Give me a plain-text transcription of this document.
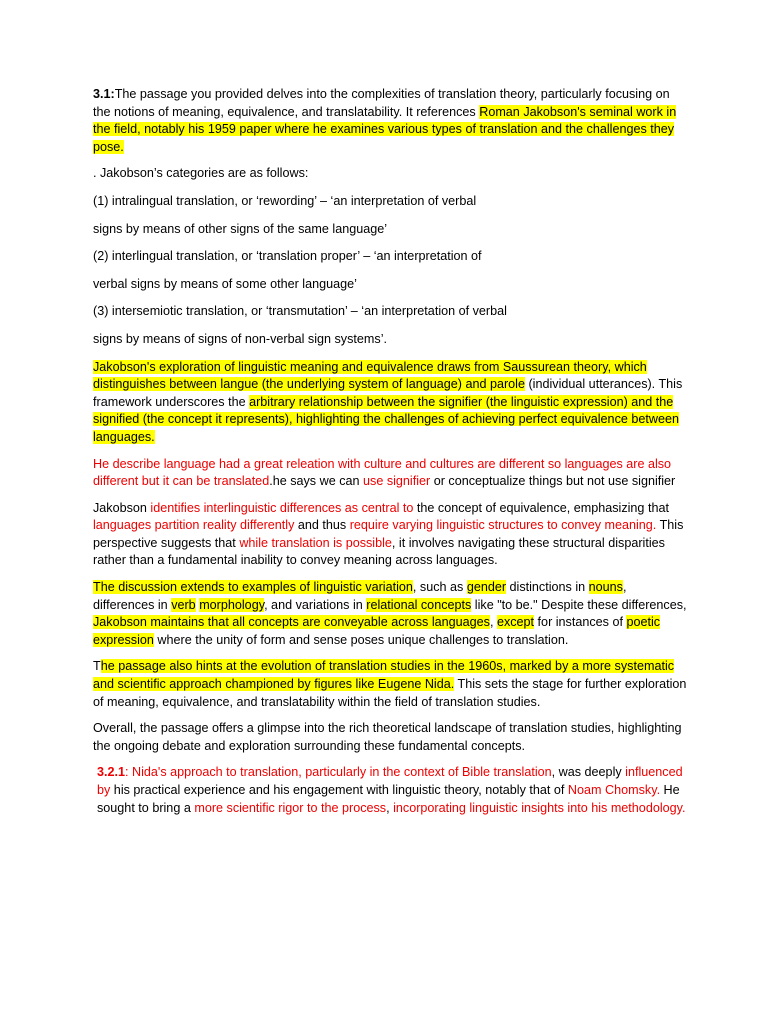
3.1:The passage you provided delves into the complexities of translation theory, particularly focusing on the notions of meaning, equivalence, and translatability. It references Roman Jakobson's seminal work in the field, notably his 1959 paper where he examines various types of translation and the challenges they pose.

. Jakobson’s categories are as follows:

(1) intralingual translation, or ‘rewording’ – ‘an interpretation of verbal

signs by means of other signs of the same language’

(2) interlingual translation, or ‘translation proper’ – ‘an interpretation of

verbal signs by means of some other language’

(3) intersemiotic translation, or ‘transmutation’ – ‘an interpretation of verbal

signs by means of signs of non-verbal sign systems’.

Jakobson's exploration of linguistic meaning and equivalence draws from Saussurean theory, which distinguishes between langue (the underlying system of language) and parole (individual utterances). This framework underscores the arbitrary relationship between the signifier (the linguistic expression) and the signified (the concept it represents), highlighting the challenges of achieving perfect equivalence between languages.

He describe language had a great releation with culture and cultures are different so languages are also different but it can be translated.he says we can use signifier or conceptualize things but not use signifier

Jakobson identifies interlinguistic differences as central to the concept of equivalence, emphasizing that languages partition reality differently and thus require varying linguistic structures to convey meaning. This perspective suggests that while translation is possible, it involves navigating these structural disparities rather than a fundamental inability to convey meaning across languages.

The discussion extends to examples of linguistic variation, such as gender distinctions in nouns, differences in verb morphology, and variations in relational concepts like "to be." Despite these differences, Jakobson maintains that all concepts are conveyable across languages, except for instances of poetic expression where the unity of form and sense poses unique challenges to translation.

The passage also hints at the evolution of translation studies in the 1960s, marked by a more systematic and scientific approach championed by figures like Eugene Nida. This sets the stage for further exploration of meaning, equivalence, and translatability within the field of translation studies.

Overall, the passage offers a glimpse into the rich theoretical landscape of translation studies, highlighting the ongoing debate and exploration surrounding these fundamental concepts.

3.2.1: Nida's approach to translation, particularly in the context of Bible translation, was deeply influenced by his practical experience and his engagement with linguistic theory, notably that of Noam Chomsky. He sought to bring a more scientific rigor to the process, incorporating linguistic insights into his methodology.
